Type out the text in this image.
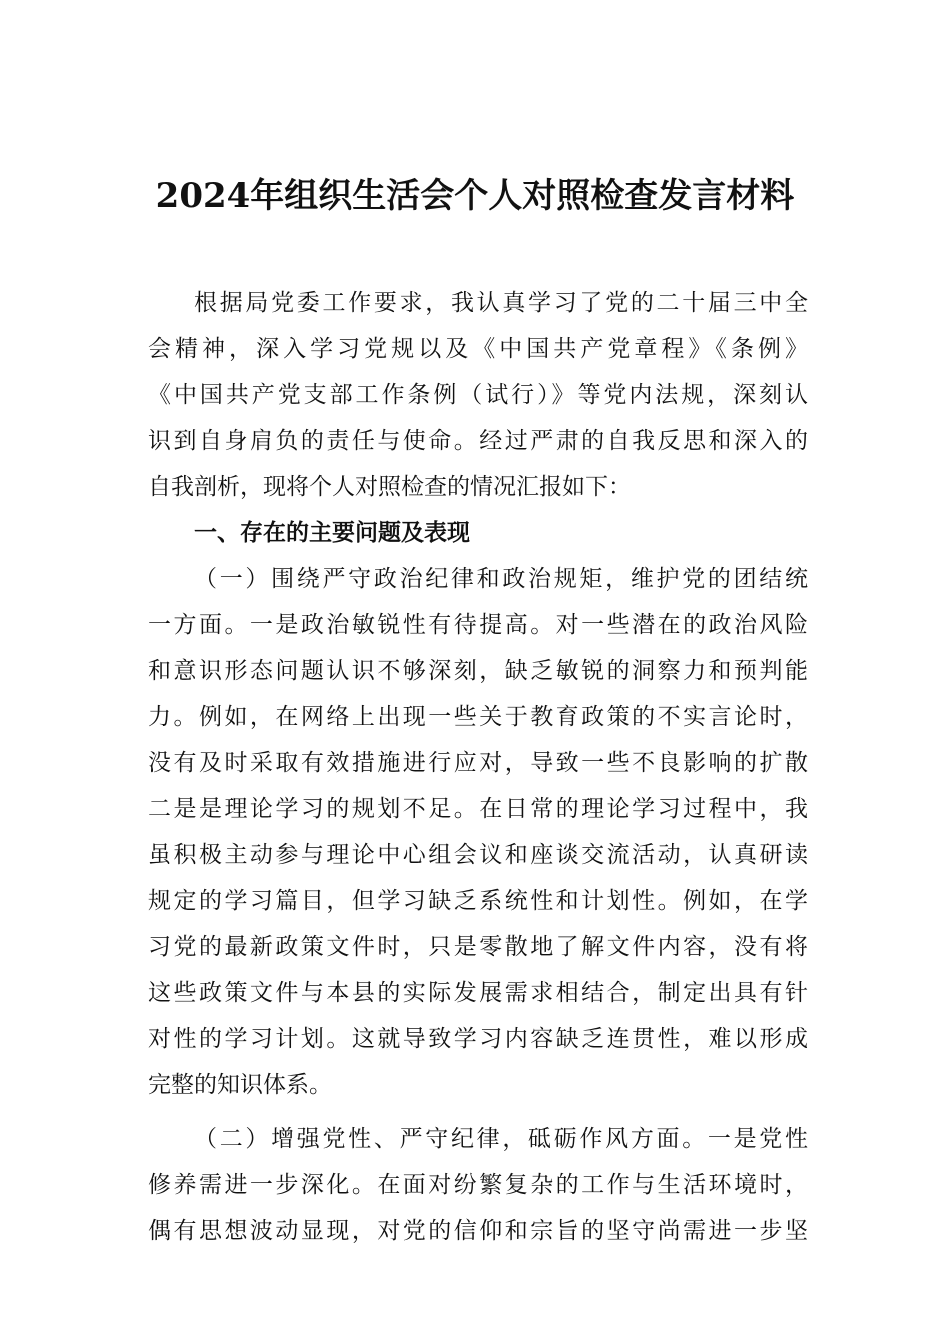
2024年组织生活会个人对照检查发言材料
根据局党委工作要求，我认真学习了党的二十届三中全
会精神，深入学习党规以及《中国共产党章程》《条例》
《中国共产党支部工作条例（试行）》等党内法规，深刻认
识到自身肩负的责任与使命。经过严肃的自我反思和深入的
自我剖析，现将个人对照检查的情况汇报如下：
一、存在的主要问题及表现
（一）围绕严守政治纪律和政治规矩，维护党的团结统
一方面。一是政治敏锐性有待提高。对一些潜在的政治风险
和意识形态问题认识不够深刻，缺乏敏锐的洞察力和预判能
力。例如，在网络上出现一些关于教育政策的不实言论时，
没有及时采取有效措施进行应对，导致一些不良影响的扩散
二是是理论学习的规划不足。在日常的理论学习过程中，我
虽积极主动参与理论中心组会议和座谈交流活动，认真研读
规定的学习篇目，但学习缺乏系统性和计划性。例如，在学
习党的最新政策文件时，只是零散地了解文件内容，没有将
这些政策文件与本县的实际发展需求相结合，制定出具有针
对性的学习计划。这就导致学习内容缺乏连贯性，难以形成
完整的知识体系。
（二）增强党性、严守纪律，砥砺作风方面。一是党性
修养需进一步深化。在面对纷繁复杂的工作与生活环境时，
偶有思想波动显现，对党的信仰和宗旨的坚守尚需进一步坚
